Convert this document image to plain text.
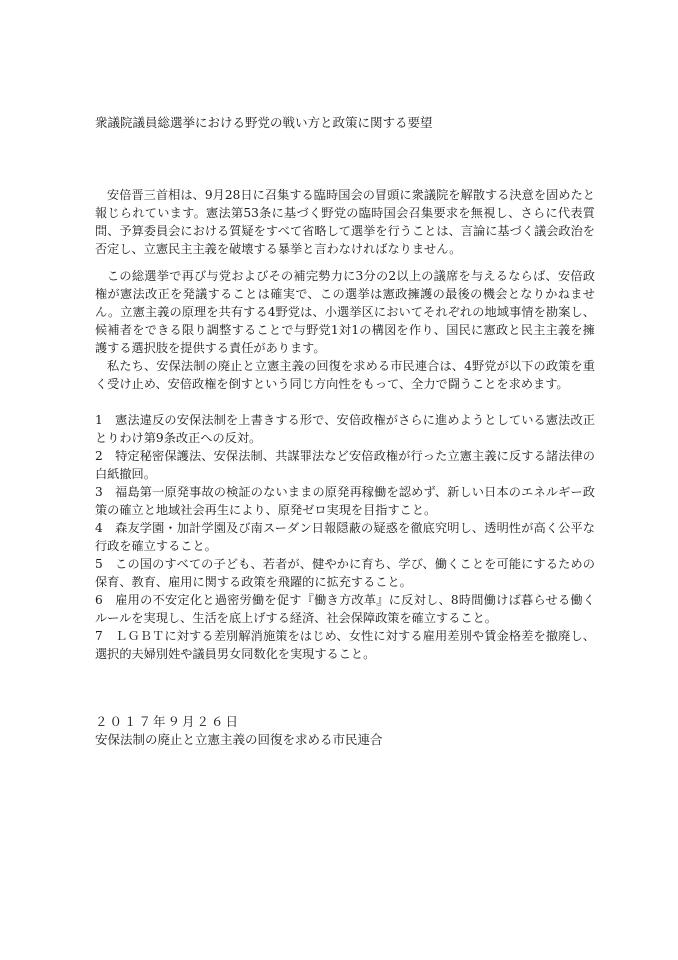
衆議院議員総選挙における野党の戦い方と政策に関する要望

安倍晋三首相は、9月28日に召集する臨時国会の冒頭に衆議院を解散する決意を固めたと報じられています。憲法第53条に基づく野党の臨時国会召集要求を無視し、さらに代表質問、予算委員会における質疑をすべて省略して選挙を行うことは、言論に基づく議会政治を否定し、立憲民主主義を破壊する暴挙と言わなければなりません。

この総選挙で再び与党およびその補完勢力に3分の2以上の議席を与えるならば、安倍政権が憲法改正を発議することは確実で、この選挙は憲政擁護の最後の機会となりかねません。立憲主義の原理を共有する4野党は、小選挙区においてそれぞれの地域事情を勘案し、候補者をできる限り調整することで与野党1対1の構図を作り、国民に憲政と民主主義を擁護する選択肢を提供する責任があります。

私たち、安保法制の廃止と立憲主義の回復を求める市民連合は、4野党が以下の政策を重く受け止め、安倍政権を倒すという同じ方向性をもって、全力で闘うことを求めます。

1 憲法違反の安保法制を上書きする形で、安倍政権がさらに進めようとしている憲法改正とりわけ第9条改正への反対。
2 特定秘密保護法、安保法制、共謀罪法など安倍政権が行った立憲主義に反する諸法律の白紙撤回。
3 福島第一原発事故の検証のないままの原発再稼働を認めず、新しい日本のエネルギー政策の確立と地域社会再生により、原発ゼロ実現を目指すこと。
4 森友学園・加計学園及び南スーダン日報隠蔽の疑惑を徹底究明し、透明性が高く公平な行政を確立すること。
5 この国のすべての子ども、若者が、健やかに育ち、学び、働くことを可能にするための保育、教育、雇用に関する政策を飛躍的に拡充すること。
6 雇用の不安定化と過密労働を促す『働き方改革』に反対し、8時間働けば暮らせる働くルールを実現し、生活を底上げする経済、社会保障政策を確立すること。
7 ＬＧＢＴに対する差別解消施策をはじめ、女性に対する雇用差別や賃金格差を撤廃し、選択的夫婦別姓や議員男女同数化を実現すること。
２０１７年９月２６日
安保法制の廃止と立憲主義の回復を求める市民連合
